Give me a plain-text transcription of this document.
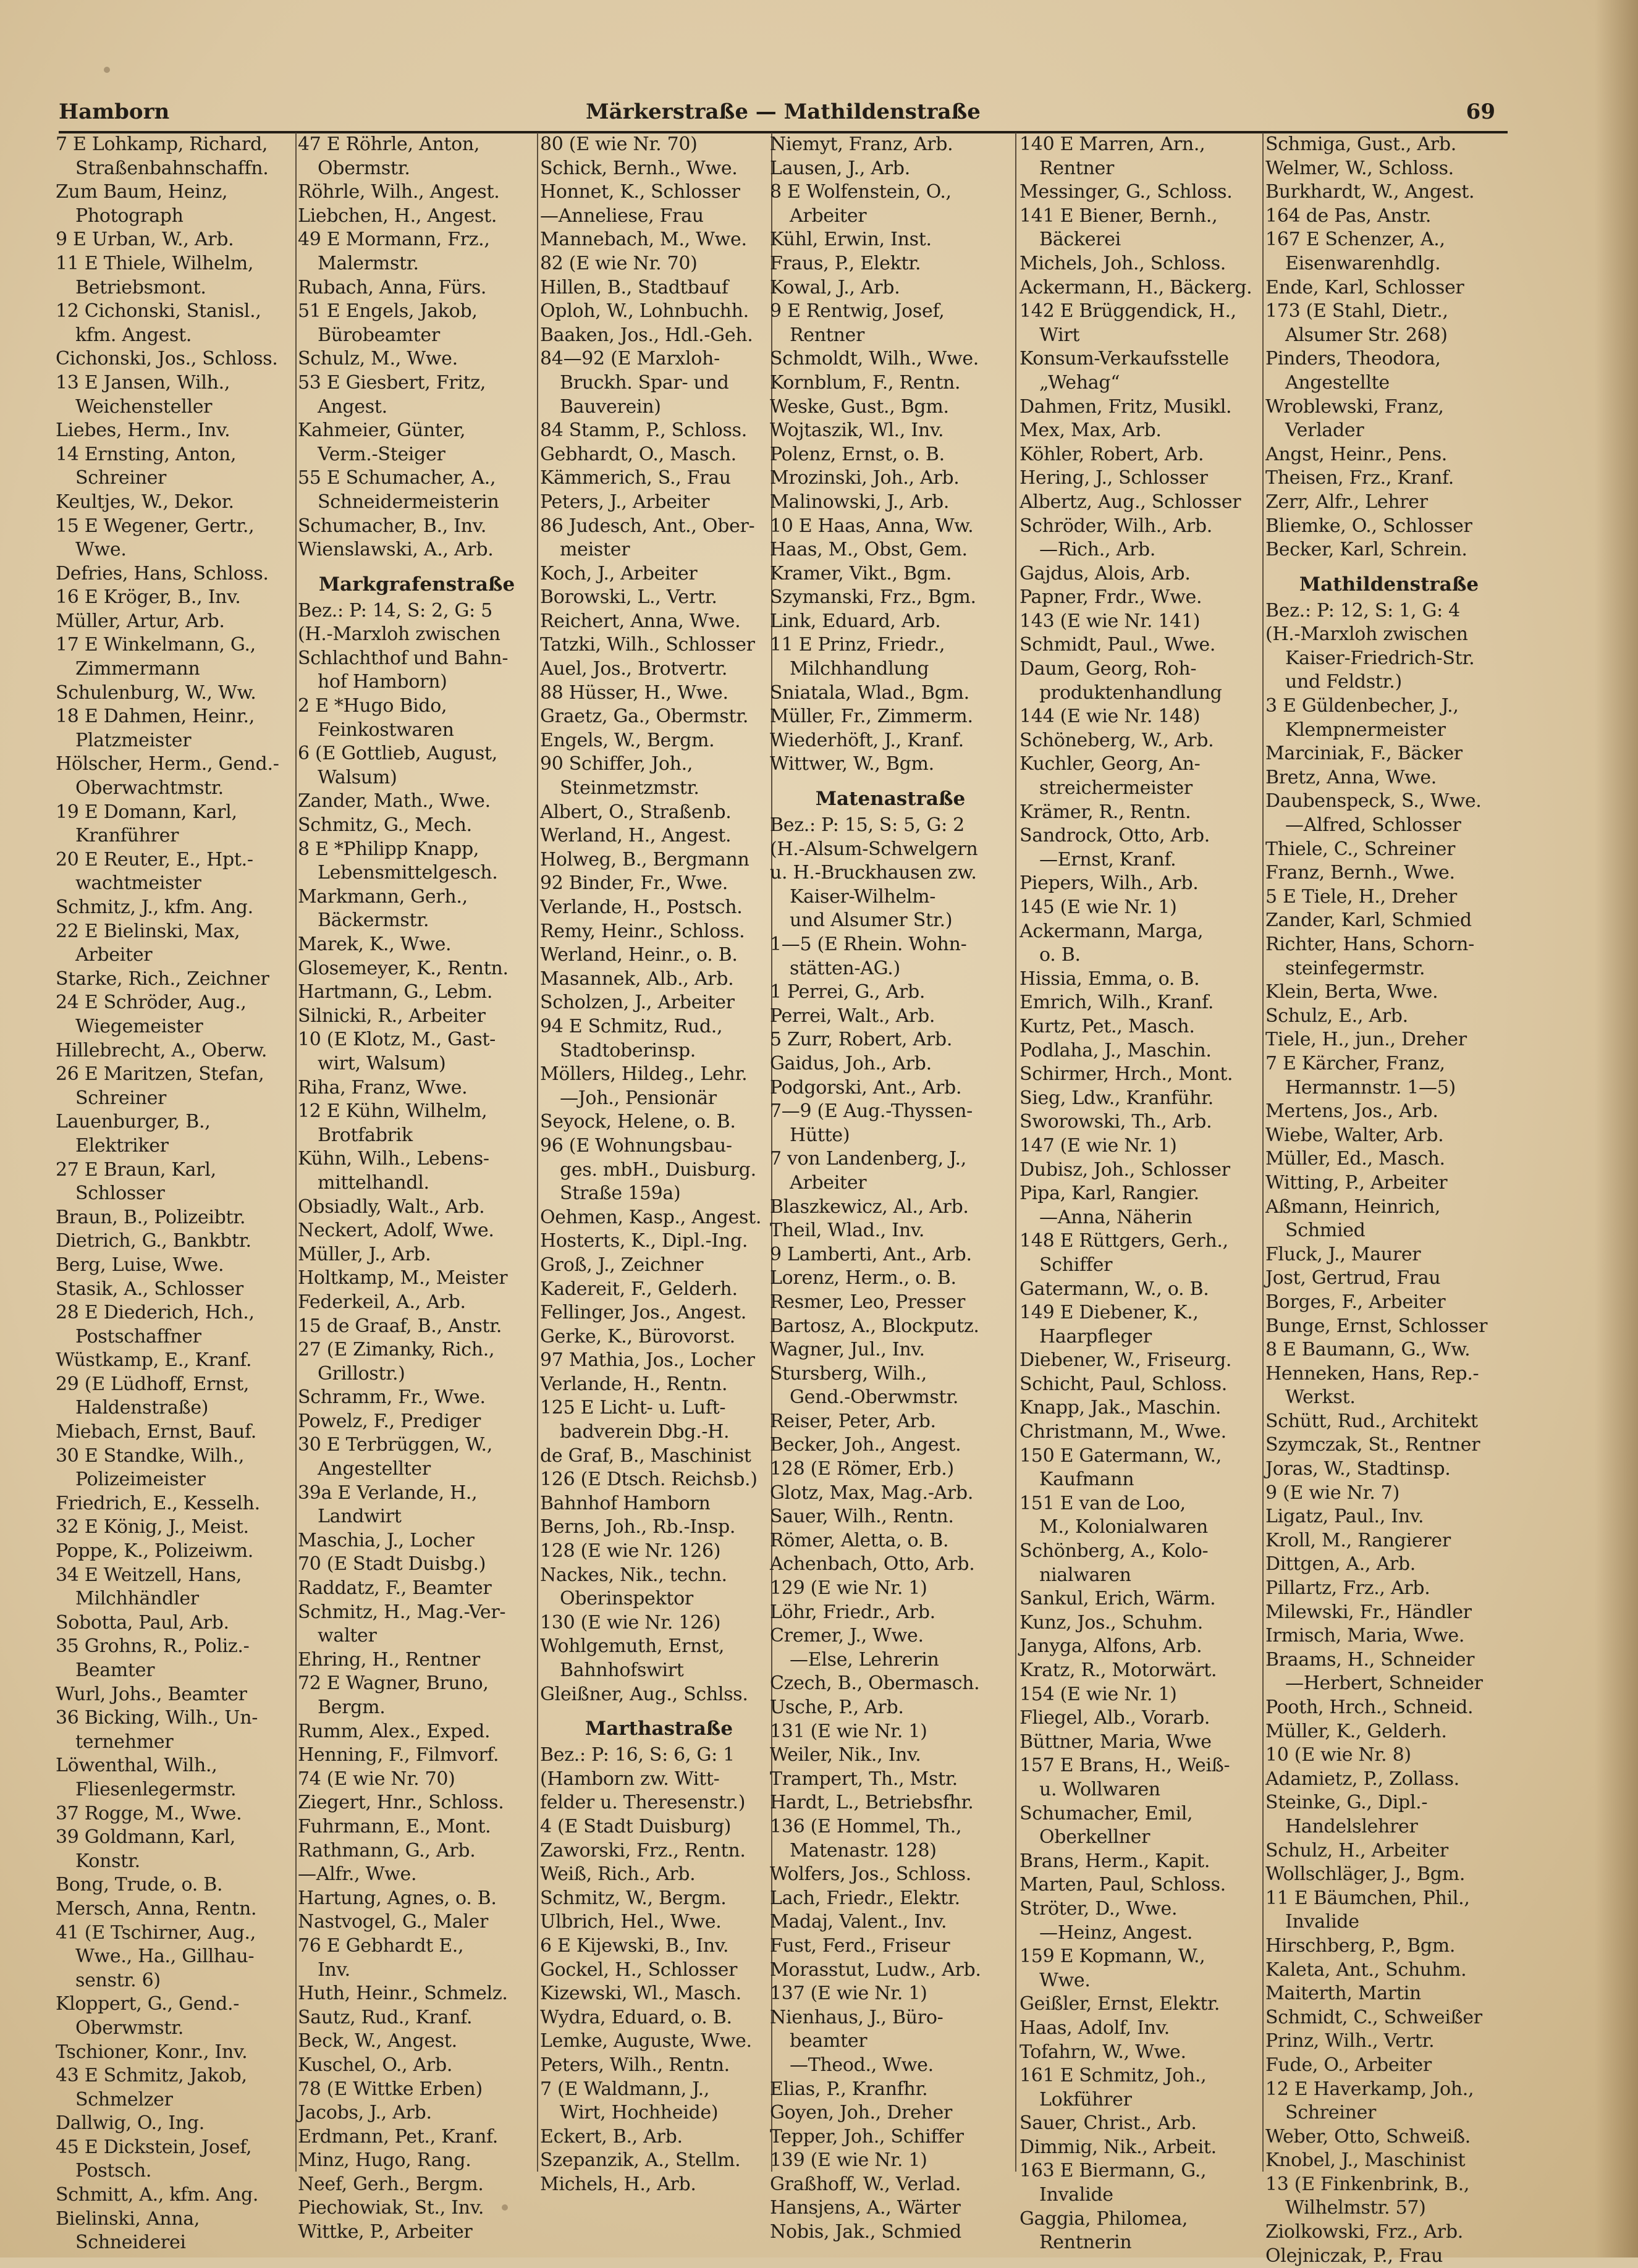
Hamborn	Märkerstraße — Mathildenstraße	69
7 E Lohkamp, Richard,
Straßenbahnschaffn.
Zum Baum, Heinz,
Photograph
9 E Urban, W., Arb.
11 E Thiele, Wilhelm,
Betriebsmont.
12 Cichonski, Stanisl.,
kfm. Angest.
Cichonski, Jos., Schloss.
13 E Jansen, Wilh.,
Weichensteller
Liebes, Herm., Inv.
14 Ernsting, Anton,
Schreiner
Keultjes, W., Dekor.
15 E Wegener, Gertr.,
Wwe.
Defries, Hans, Schloss.
16 E Kröger, B., Inv.
Müller, Artur, Arb.
17 E Winkelmann, G.,
Zimmermann
Schulenburg, W., Ww.
18 E Dahmen, Heinr.,
Platzmeister
Hölscher, Herm., Gend.-
Oberwachtmstr.
19 E Domann, Karl,
Kranführer
20 E Reuter, E., Hpt.-
wachtmeister
Schmitz, J., kfm. Ang.
22 E Bielinski, Max,
Arbeiter
Starke, Rich., Zeichner
24 E Schröder, Aug.,
Wiegemeister
Hillebrecht, A., Oberw.
26 E Maritzen, Stefan,
Schreiner
Lauenburger, B.,
Elektriker
27 E Braun, Karl,
Schlosser
Braun, B., Polizeibtr.
Dietrich, G., Bankbtr.
Berg, Luise, Wwe.
Stasik, A., Schlosser
28 E Diederich, Hch.,
Postschaffner
Wüstkamp, E., Kranf.
29 (E Lüdhoff, Ernst,
Haldenstraße)
Miebach, Ernst, Bauf.
30 E Standke, Wilh.,
Polizeimeister
Friedrich, E., Kesselh.
32 E König, J., Meist.
Poppe, K., Polizeiwm.
34 E Weitzell, Hans,
Milchhändler
Sobotta, Paul, Arb.
35 Grohns, R., Poliz.-
Beamter
Wurl, Johs., Beamter
36 Bicking, Wilh., Un-
ternehmer
Löwenthal, Wilh.,
Fliesenlegermstr.
37 Rogge, M., Wwe.
39 Goldmann, Karl,
Konstr.
Bong, Trude, o. B.
Mersch, Anna, Rentn.
41 (E Tschirner, Aug.,
Wwe., Ha., Gillhau-
senstr. 6)
Kloppert, G., Gend.-
Oberwmstr.
Tschioner, Konr., Inv.
43 E Schmitz, Jakob,
Schmelzer
Dallwig, O., Ing.
45 E Dickstein, Josef,
Postsch.
Schmitt, A., kfm. Ang.
Bielinski, Anna,
Schneiderei
47 E Röhrle, Anton,
Obermstr.
Röhrle, Wilh., Angest.
Liebchen, H., Angest.
49 E Mormann, Frz.,
Malermstr.
Rubach, Anna, Fürs.
51 E Engels, Jakob,
Bürobeamter
Schulz, M., Wwe.
53 E Giesbert, Fritz,
Angest.
Kahmeier, Günter,
Verm.-Steiger
55 E Schumacher, A.,
Schneidermeisterin
Schumacher, B., Inv.
Wienslawski, A., Arb.
Markgrafenstraße
Bez.: P: 14, S: 2, G: 5
(H.-Marxloh zwischen
Schlachthof und Bahn-
hof Hamborn)
2 E *Hugo Bido,
Feinkostwaren
6 (E Gottlieb, August,
Walsum)
Zander, Math., Wwe.
Schmitz, G., Mech.
8 E *Philipp Knapp,
Lebensmittelgesch.
Markmann, Gerh.,
Bäckermstr.
Marek, K., Wwe.
Glosemeyer, K., Rentn.
Hartmann, G., Lebm.
Silnicki, R., Arbeiter
10 (E Klotz, M., Gast-
wirt, Walsum)
Riha, Franz, Wwe.
12 E Kühn, Wilhelm,
Brotfabrik
Kühn, Wilh., Lebens-
mittelhandl.
Obsiadly, Walt., Arb.
Neckert, Adolf, Wwe.
Müller, J., Arb.
Holtkamp, M., Meister
Federkeil, A., Arb.
15 de Graaf, B., Anstr.
27 (E Zimanky, Rich.,
Grillostr.)
Schramm, Fr., Wwe.
Powelz, F., Prediger
30 E Terbrüggen, W.,
Angestellter
39a E Verlande, H.,
Landwirt
Maschia, J., Locher
70 (E Stadt Duisbg.)
Raddatz, F., Beamter
Schmitz, H., Mag.-Ver-
walter
Ehring, H., Rentner
72 E Wagner, Bruno,
Bergm.
Rumm, Alex., Exped.
Henning, F., Filmvorf.
74 (E wie Nr. 70)
Ziegert, Hnr., Schloss.
Fuhrmann, E., Mont.
Rathmann, G., Arb.
—Alfr., Wwe.
Hartung, Agnes, o. B.
Nastvogel, G., Maler
76 E Gebhardt E.,
Inv.
Huth, Heinr., Schmelz.
Sautz, Rud., Kranf.
Beck, W., Angest.
Kuschel, O., Arb.
78 (E Wittke Erben)
Jacobs, J., Arb.
Erdmann, Pet., Kranf.
Minz, Hugo, Rang.
Neef, Gerh., Bergm.
Piechowiak, St., Inv.
Wittke, P., Arbeiter
80 (E wie Nr. 70)
Schick, Bernh., Wwe.
Honnet, K., Schlosser
—Anneliese, Frau
Mannebach, M., Wwe.
82 (E wie Nr. 70)
Hillen, B., Stadtbauf
Oploh, W., Lohnbuchh.
Baaken, Jos., Hdl.-Geh.
84—92 (E Marxloh-
Bruckh. Spar- und
Bauverein)
84 Stamm, P., Schloss.
Gebhardt, O., Masch.
Kämmerich, S., Frau
Peters, J., Arbeiter
86 Judesch, Ant., Ober-
meister
Koch, J., Arbeiter
Borowski, L., Vertr.
Reichert, Anna, Wwe.
Tatzki, Wilh., Schlosser
Auel, Jos., Brotvertr.
88 Hüsser, H., Wwe.
Graetz, Ga., Obermstr.
Engels, W., Bergm.
90 Schiffer, Joh.,
Steinmetzmstr.
Albert, O., Straßenb.
Werland, H., Angest.
Holweg, B., Bergmann
92 Binder, Fr., Wwe.
Verlande, H., Postsch.
Remy, Heinr., Schloss.
Werland, Heinr., o. B.
Masannek, Alb., Arb.
Scholzen, J., Arbeiter
94 E Schmitz, Rud.,
Stadtoberinsp.
Möllers, Hildeg., Lehr.
—Joh., Pensionär
Seyock, Helene, o. B.
96 (E Wohnungsbau-
ges. mbH., Duisburg.
Straße 159a)
Oehmen, Kasp., Angest.
Hosterts, K., Dipl.-Ing.
Groß, J., Zeichner
Kadereit, F., Gelderh.
Fellinger, Jos., Angest.
Gerke, K., Bürovorst.
97 Mathia, Jos., Locher
Verlande, H., Rentn.
125 E Licht- u. Luft-
badverein Dbg.-H.
de Graf, B., Maschinist
126 (E Dtsch. Reichsb.)
Bahnhof Hamborn
Berns, Joh., Rb.-Insp.
128 (E wie Nr. 126)
Nackes, Nik., techn.
Oberinspektor
130 (E wie Nr. 126)
Wohlgemuth, Ernst,
Bahnhofswirt
Gleißner, Aug., Schlss.
Marthastraße
Bez.: P: 16, S: 6, G: 1
(Hamborn zw. Witt-
felder u. Theresenstr.)
4 (E Stadt Duisburg)
Zaworski, Frz., Rentn.
Weiß, Rich., Arb.
Schmitz, W., Bergm.
Ulbrich, Hel., Wwe.
6 E Kijewski, B., Inv.
Gockel, H., Schlosser
Kizewski, Wl., Masch.
Wydra, Eduard, o. B.
Lemke, Auguste, Wwe.
Peters, Wilh., Rentn.
7 (E Waldmann, J.,
Wirt, Hochheide)
Eckert, B., Arb.
Szepanzik, A., Stellm.
Michels, H., Arb.
Niemyt, Franz, Arb.
Lausen, J., Arb.
8 E Wolfenstein, O.,
Arbeiter
Kühl, Erwin, Inst.
Fraus, P., Elektr.
Kowal, J., Arb.
9 E Rentwig, Josef,
Rentner
Schmoldt, Wilh., Wwe.
Kornblum, F., Rentn.
Weske, Gust., Bgm.
Wojtaszik, Wl., Inv.
Polenz, Ernst, o. B.
Mrozinski, Joh., Arb.
Malinowski, J., Arb.
10 E Haas, Anna, Ww.
Haas, M., Obst, Gem.
Kramer, Vikt., Bgm.
Szymanski, Frz., Bgm.
Link, Eduard, Arb.
11 E Prinz, Friedr.,
Milchhandlung
Sniatala, Wlad., Bgm.
Müller, Fr., Zimmerm.
Wiederhöft, J., Kranf.
Wittwer, W., Bgm.
Matenastraße
Bez.: P: 15, S: 5, G: 2
(H.-Alsum-Schwelgern
u. H.-Bruckhausen zw.
Kaiser-Wilhelm-
und Alsumer Str.)
1—5 (E Rhein. Wohn-
stätten-AG.)
1 Perrei, G., Arb.
Perrei, Walt., Arb.
5 Zurr, Robert, Arb.
Gaidus, Joh., Arb.
Podgorski, Ant., Arb.
7—9 (E Aug.-Thyssen-
Hütte)
7 von Landenberg, J.,
Arbeiter
Blaszkewicz, Al., Arb.
Theil, Wlad., Inv.
9 Lamberti, Ant., Arb.
Lorenz, Herm., o. B.
Resmer, Leo, Presser
Bartosz, A., Blockputz.
Wagner, Jul., Inv.
Stursberg, Wilh.,
Gend.-Oberwmstr.
Reiser, Peter, Arb.
Becker, Joh., Angest.
128 (E Römer, Erb.)
Glotz, Max, Mag.-Arb.
Sauer, Wilh., Rentn.
Römer, Aletta, o. B.
Achenbach, Otto, Arb.
129 (E wie Nr. 1)
Löhr, Friedr., Arb.
Cremer, J., Wwe.
—Else, Lehrerin
Czech, B., Obermasch.
Usche, P., Arb.
131 (E wie Nr. 1)
Weiler, Nik., Inv.
Trampert, Th., Mstr.
Hardt, L., Betriebsfhr.
136 (E Hommel, Th.,
Matenastr. 128)
Wolfers, Jos., Schloss.
Lach, Friedr., Elektr.
Madaj, Valent., Inv.
Fust, Ferd., Friseur
Morasstut, Ludw., Arb.
137 (E wie Nr. 1)
Nienhaus, J., Büro-
beamter
—Theod., Wwe.
Elias, P., Kranfhr.
Goyen, Joh., Dreher
Tepper, Joh., Schiffer
139 (E wie Nr. 1)
Graßhoff, W., Verlad.
Hansjens, A., Wärter
Nobis, Jak., Schmied
140 E Marren, Arn.,
Rentner
Messinger, G., Schloss.
141 E Biener, Bernh.,
Bäckerei
Michels, Joh., Schloss.
Ackermann, H., Bäckerg.
142 E Brüggendick, H.,
Wirt
Konsum-Verkaufsstelle
„Wehag“
Dahmen, Fritz, Musikl.
Mex, Max, Arb.
Köhler, Robert, Arb.
Hering, J., Schlosser
Albertz, Aug., Schlosser
Schröder, Wilh., Arb.
—Rich., Arb.
Gajdus, Alois, Arb.
Papner, Frdr., Wwe.
143 (E wie Nr. 141)
Schmidt, Paul., Wwe.
Daum, Georg, Roh-
produktenhandlung
144 (E wie Nr. 148)
Schöneberg, W., Arb.
Kuchler, Georg, An-
streichermeister
Krämer, R., Rentn.
Sandrock, Otto, Arb.
—Ernst, Kranf.
Piepers, Wilh., Arb.
145 (E wie Nr. 1)
Ackermann, Marga,
o. B.
Hissia, Emma, o. B.
Emrich, Wilh., Kranf.
Kurtz, Pet., Masch.
Podlaha, J., Maschin.
Schirmer, Hrch., Mont.
Sieg, Ldw., Kranführ.
Sworowski, Th., Arb.
147 (E wie Nr. 1)
Dubisz, Joh., Schlosser
Pipa, Karl, Rangier.
—Anna, Näherin
148 E Rüttgers, Gerh.,
Schiffer
Gatermann, W., o. B.
149 E Diebener, K.,
Haarpfleger
Diebener, W., Friseurg.
Schicht, Paul, Schloss.
Knapp, Jak., Maschin.
Christmann, M., Wwe.
150 E Gatermann, W.,
Kaufmann
151 E van de Loo,
M., Kolonialwaren
Schönberg, A., Kolo-
nialwaren
Sankul, Erich, Wärm.
Kunz, Jos., Schuhm.
Janyga, Alfons, Arb.
Kratz, R., Motorwärt.
154 (E wie Nr. 1)
Fliegel, Alb., Vorarb.
Büttner, Maria, Wwe
157 E Brans, H., Weiß-
u. Wollwaren
Schumacher, Emil,
Oberkellner
Brans, Herm., Kapit.
Marten, Paul, Schloss.
Ströter, D., Wwe.
—Heinz, Angest.
159 E Kopmann, W.,
Wwe.
Geißler, Ernst, Elektr.
Haas, Adolf, Inv.
Tofahrn, W., Wwe.
161 E Schmitz, Joh.,
Lokführer
Sauer, Christ., Arb.
Dimmig, Nik., Arbeit.
163 E Biermann, G.,
Invalide
Gaggia, Philomea,
Rentnerin
Schmiga, Gust., Arb.
Welmer, W., Schloss.
Burkhardt, W., Angest.
164 de Pas, Anstr.
167 E Schenzer, A.,
Eisenwarenhdlg.
Ende, Karl, Schlosser
173 (E Stahl, Dietr.,
Alsumer Str. 268)
Pinders, Theodora,
Angestellte
Wroblewski, Franz,
Verlader
Angst, Heinr., Pens.
Theisen, Frz., Kranf.
Zerr, Alfr., Lehrer
Bliemke, O., Schlosser
Becker, Karl, Schrein.
Mathildenstraße
Bez.: P: 12, S: 1, G: 4
(H.-Marxloh zwischen
Kaiser-Friedrich-Str.
und Feldstr.)
3 E Güldenbecher, J.,
Klempnermeister
Marciniak, F., Bäcker
Bretz, Anna, Wwe.
Daubenspeck, S., Wwe.
—Alfred, Schlosser
Thiele, C., Schreiner
Franz, Bernh., Wwe.
5 E Tiele, H., Dreher
Zander, Karl, Schmied
Richter, Hans, Schorn-
steinfegermstr.
Klein, Berta, Wwe.
Schulz, E., Arb.
Tiele, H., jun., Dreher
7 E Kärcher, Franz,
Hermannstr. 1—5)
Mertens, Jos., Arb.
Wiebe, Walter, Arb.
Müller, Ed., Masch.
Witting, P., Arbeiter
Aßmann, Heinrich,
Schmied
Fluck, J., Maurer
Jost, Gertrud, Frau
Borges, F., Arbeiter
Bunge, Ernst, Schlosser
8 E Baumann, G., Ww.
Henneken, Hans, Rep.-
Werkst.
Schütt, Rud., Architekt
Szymczak, St., Rentner
Joras, W., Stadtinsp.
9 (E wie Nr. 7)
Ligatz, Paul., Inv.
Kroll, M., Rangierer
Dittgen, A., Arb.
Pillartz, Frz., Arb.
Milewski, Fr., Händler
Irmisch, Maria, Wwe.
Braams, H., Schneider
—Herbert, Schneider
Pooth, Hrch., Schneid.
Müller, K., Gelderh.
10 (E wie Nr. 8)
Adamietz, P., Zollass.
Steinke, G., Dipl.-
Handelslehrer
Schulz, H., Arbeiter
Wollschläger, J., Bgm.
11 E Bäumchen, Phil.,
Invalide
Hirschberg, P., Bgm.
Kaleta, Ant., Schuhm.
Maiterth, Martin
Schmidt, C., Schweißer
Prinz, Wilh., Vertr.
Fude, O., Arbeiter
12 E Haverkamp, Joh.,
Schreiner
Weber, Otto, Schweiß.
Knobel, J., Maschinist
13 (E Finkenbrink, B.,
Wilhelmstr. 57)
Ziolkowski, Frz., Arb.
Olejniczak, P., Frau
